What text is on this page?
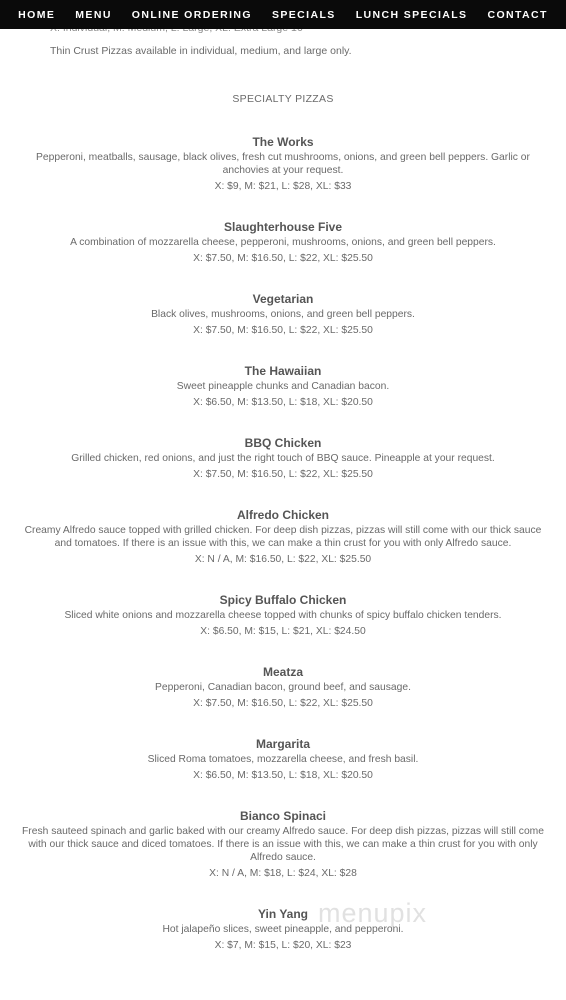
HOME MENU ONLINE ORDERING SPECIALS LUNCH SPECIALS CONTACT
Thin Crust Pizzas available in individual, medium, and large only.
SPECIALTY PIZZAS
The Works
Pepperoni, meatballs, sausage, black olives, fresh cut mushrooms, onions, and green bell peppers. Garlic or anchovies at your request.
X: $9, M: $21, L: $28, XL: $33
Slaughterhouse Five
A combination of mozzarella cheese, pepperoni, mushrooms, onions, and green bell peppers.
X: $7.50, M: $16.50, L: $22, XL: $25.50
Vegetarian
Black olives, mushrooms, onions, and green bell peppers.
X: $7.50, M: $16.50, L: $22, XL: $25.50
The Hawaiian
Sweet pineapple chunks and Canadian bacon.
X: $6.50, M: $13.50, L: $18, XL: $20.50
BBQ Chicken
Grilled chicken, red onions, and just the right touch of BBQ sauce. Pineapple at your request.
X: $7.50, M: $16.50, L: $22, XL: $25.50
Alfredo Chicken
Creamy Alfredo sauce topped with grilled chicken. For deep dish pizzas, pizzas will still come with our thick sauce and tomatoes. If there is an issue with this, we can make a thin crust for you with only Alfredo sauce.
X: N / A, M: $16.50, L: $22, XL: $25.50
Spicy Buffalo Chicken
Sliced white onions and mozzarella cheese topped with chunks of spicy buffalo chicken tenders.
X: $6.50, M: $15, L: $21, XL: $24.50
Meatza
Pepperoni, Canadian bacon, ground beef, and sausage.
X: $7.50, M: $16.50, L: $22, XL: $25.50
Margarita
Sliced Roma tomatoes, mozzarella cheese, and fresh basil.
X: $6.50, M: $13.50, L: $18, XL: $20.50
Bianco Spinaci
Fresh sauteed spinach and garlic baked with our creamy Alfredo sauce. For deep dish pizzas, pizzas will still come with our thick sauce and diced tomatoes. If there is an issue with this, we can make a thin crust for you with only Alfredo sauce.
X: N / A, M: $18, L: $24, XL: $28
Yin Yang
Hot jalapeño slices, sweet pineapple, and pepperoni.
X: $7, M: $15, L: $20, XL: $23
menupix
